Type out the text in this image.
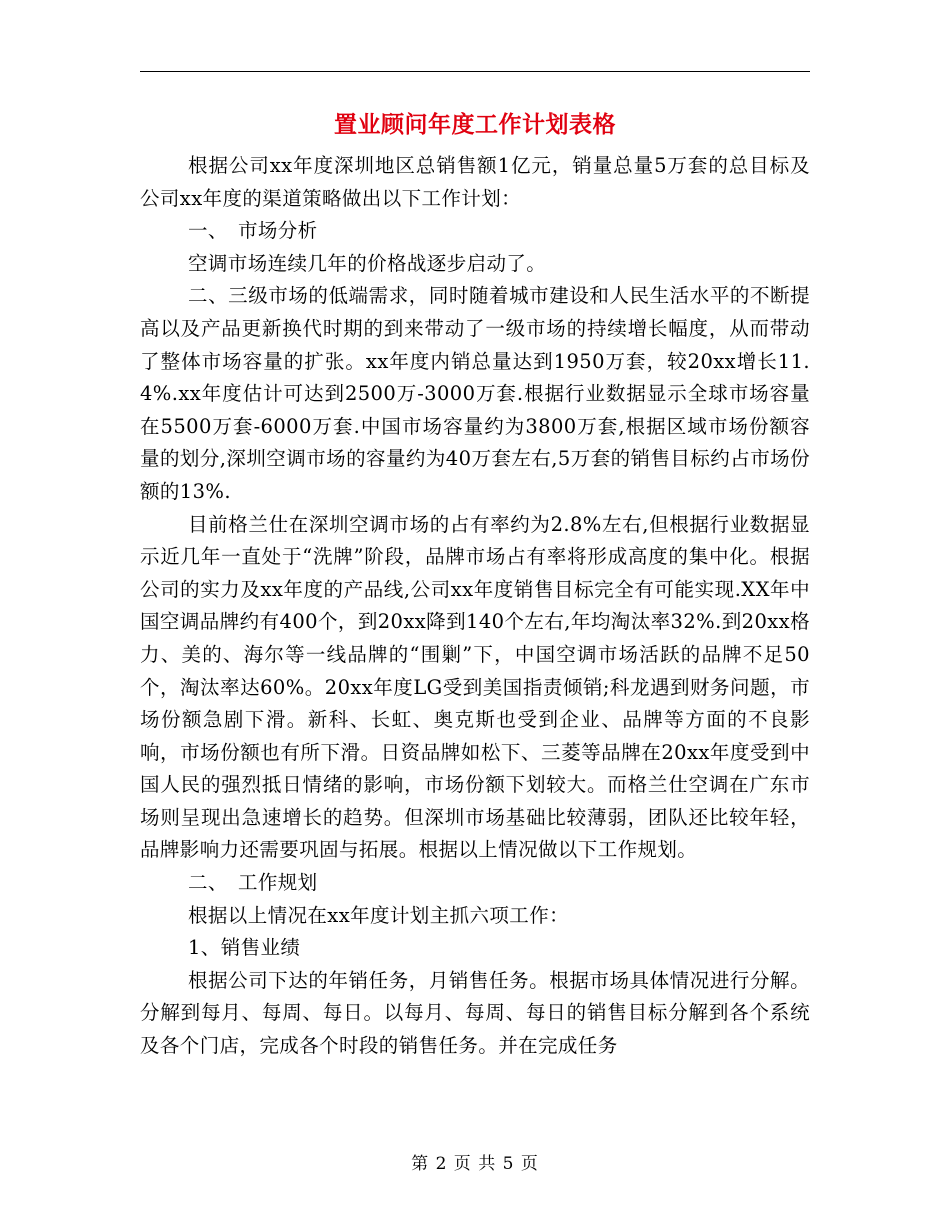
置业顾问年度工作计划表格

根据公司xx年度深圳地区总销售额1亿元，销量总量5万套的总目标及公司xx年度的渠道策略做出以下工作计划：

一、　市场分析

空调市场连续几年的价格战逐步启动了。

二、三级市场的低端需求，同时随着城市建设和人民生活水平的不断提高以及产品更新换代时期的到来带动了一级市场的持续增长幅度，从而带动了整体市场容量的扩张。xx年度内销总量达到1950万套，较20xx增长11.4%.xx年度估计可达到2500万-3000万套.根据行业数据显示全球市场容量在5500万套-6000万套.中国市场容量约为3800万套,根据区域市场份额容量的划分,深圳空调市场的容量约为40万套左右,5万套的销售目标约占市场份额的13%.

目前格兰仕在深圳空调市场的占有率约为2.8%左右,但根据行业数据显示近几年一直处于“洗牌”阶段，品牌市场占有率将形成高度的集中化。根据公司的实力及xx年度的产品线,公司xx年度销售目标完全有可能实现.XX年中国空调品牌约有400个，到20xx降到140个左右,年均淘汰率32%.到20xx格力、美的、海尔等一线品牌的“围剿”下，中国空调市场活跃的品牌不足50个，淘汰率达60%。20xx年度LG受到美国指责倾销;科龙遇到财务问题，市场份额急剧下滑。新科、长虹、奥克斯也受到企业、品牌等方面的不良影响，市场份额也有所下滑。日资品牌如松下、三菱等品牌在20xx年度受到中国人民的强烈抵日情绪的影响，市场份额下划较大。而格兰仕空调在广东市场则呈现出急速增长的趋势。但深圳市场基础比较薄弱，团队还比较年轻，品牌影响力还需要巩固与拓展。根据以上情况做以下工作规划。

二、　工作规划

根据以上情况在xx年度计划主抓六项工作：

1、销售业绩

根据公司下达的年销任务，月销售任务。根据市场具体情况进行分解。分解到每月、每周、每日。以每月、每周、每日的销售目标分解到各个系统及各个门店，完成各个时段的销售任务。并在完成任务

第 2 页 共 5 页
